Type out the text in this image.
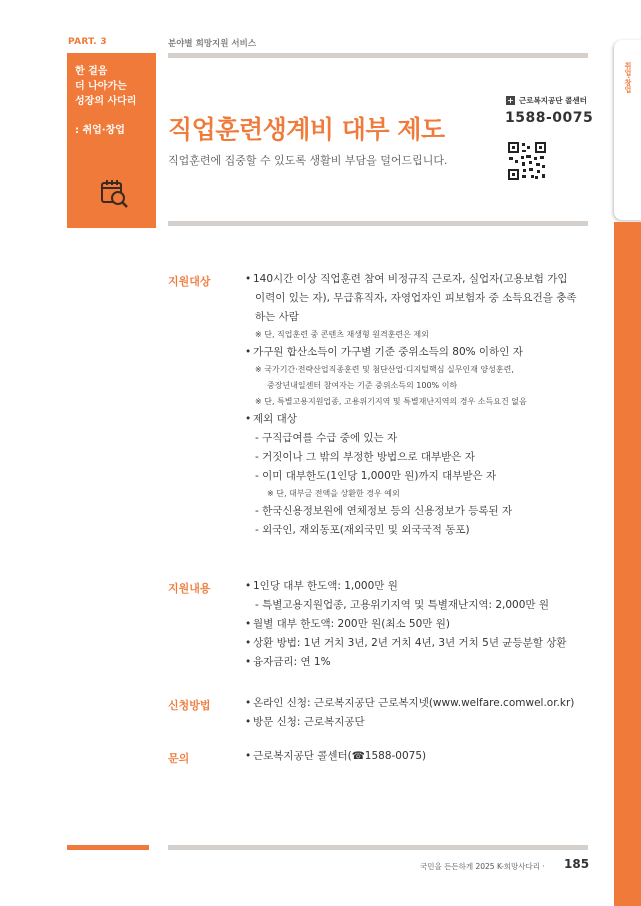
PART. 3	분야별 희망지원 서비스
한 걸음
더 나아가는
성장의 사다리
: 취업·창업	직업훈련생계비 대부 제도
직업훈련에 집중할 수 있도록 생활비 부담을 덜어드립니다.
+ 근로복지공단 콜센터
1588-0075
취업·창업
지원대상	• 140시간 이상 직업훈련 참여 비정규직 근로자, 실업자(고용보험 가입
이력이 있는 자), 무급휴직자, 자영업자인 피보험자 중 소득요건을 충족
하는 사람
※ 단, 직업훈련 중 콘텐츠 재생형 원격훈련은 제외
• 가구원 합산소득이 가구별 기준 중위소득의 80% 이하인 자
※ 국가기간·전략산업직종훈련 및 첨단산업·디지털핵심 실무인재 양성훈련,
중장년내일센터 참여자는 기준 중위소득의 100% 이하
※ 단, 특별고용지원업종, 고용위기지역 및 특별재난지역의 경우 소득요건 없음
• 제외 대상
- 구직급여를 수급 중에 있는 자
- 거짓이나 그 밖의 부정한 방법으로 대부받은 자
- 이미 대부한도(1인당 1,000만 원)까지 대부받은 자
※ 단, 대부금 전액을 상환한 경우 예외
- 한국신용정보원에 연체정보 등의 신용정보가 등록된 자
- 외국인, 재외동포(재외국민 및 외국국적 동포)
지원내용	• 1인당 대부 한도액: 1,000만 원
- 특별고용지원업종, 고용위기지역 및 특별재난지역: 2,000만 원
• 월별 대부 한도액: 200만 원(최소 50만 원)
• 상환 방법: 1년 거치 3년, 2년 거치 4년, 3년 거치 5년 균등분할 상환
• 융자금리: 연 1%
신청방법	• 온라인 신청: 근로복지공단 근로복지넷(www.welfare.comwel.or.kr)
• 방문 신청: 근로복지공단
문의	• 근로복지공단 콜센터(☎1588-0075)
국민을 든든하게 2025 K-희망사다리 · 185
